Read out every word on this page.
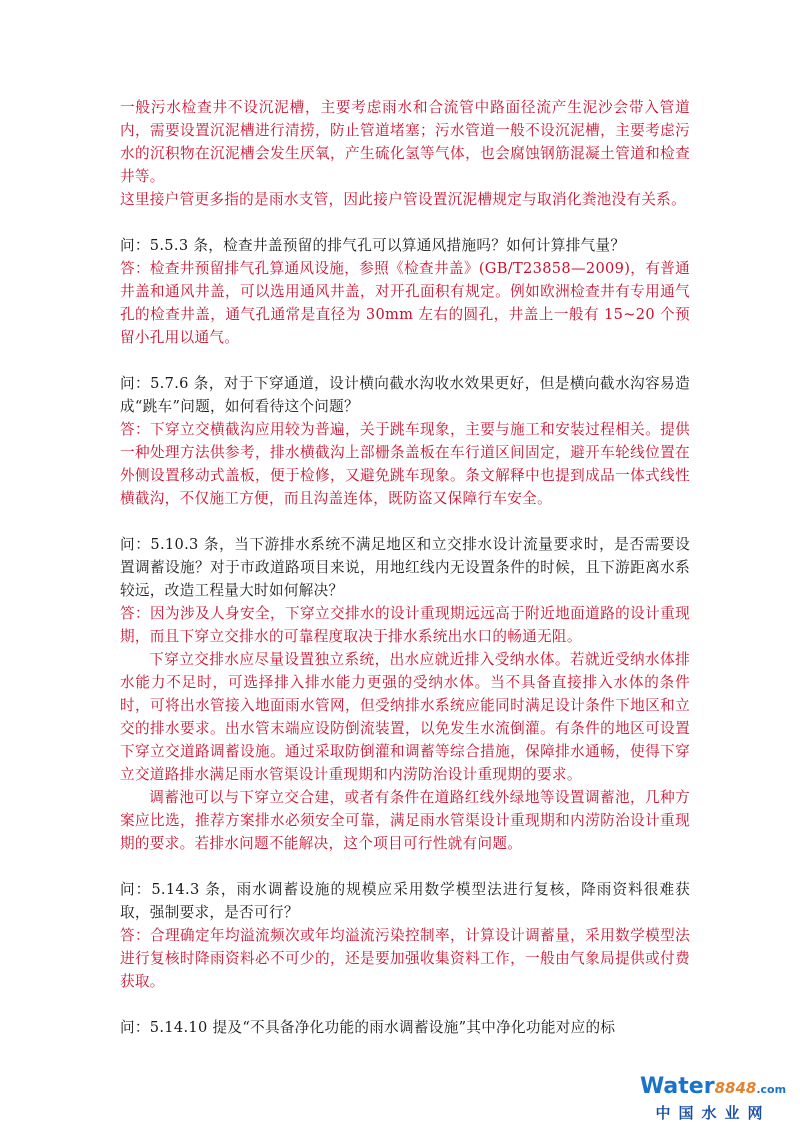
一般污水检查井不设沉泥槽，主要考虑雨水和合流管中路面径流产生泥沙会带入管道内，需要设置沉泥槽进行清捞，防止管道堵塞；污水管道一般不设沉泥槽，主要考虑污水的沉积物在沉泥槽会发生厌氧，产生硫化氢等气体，也会腐蚀钢筋混凝土管道和检查井等。

这里接户管更多指的是雨水支管，因此接户管设置沉泥槽规定与取消化粪池没有关系。

问：5.5.3 条，检查井盖预留的排气孔可以算通风措施吗？如何计算排气量？

答：检查井预留排气孔算通风设施，参照《检查井盖》(GB/T23858—2009)，有普通井盖和通风井盖，可以选用通风井盖，对开孔面积有规定。例如欧洲检查井有专用通气孔的检查井盖，通气孔通常是直径为 30mm 左右的圆孔，井盖上一般有 15~20 个预留小孔用以通气。

问：5.7.6 条，对于下穿通道，设计横向截水沟收水效果更好，但是横向截水沟容易造成“跳车”问题，如何看待这个问题？

答：下穿立交横截沟应用较为普遍，关于跳车现象，主要与施工和安装过程相关。提供一种处理方法供参考，排水横截沟上部栅条盖板在车行道区间固定，避开车轮线位置在外侧设置移动式盖板，便于检修，又避免跳车现象。条文解释中也提到成品一体式线性横截沟，不仅施工方便，而且沟盖连体，既防盗又保障行车安全。

问：5.10.3 条，当下游排水系统不满足地区和立交排水设计流量要求时，是否需要设置调蓄设施？对于市政道路项目来说，用地红线内无设置条件的时候，且下游距离水系较远，改造工程量大时如何解决？

答：因为涉及人身安全，下穿立交排水的设计重现期远远高于附近地面道路的设计重现期，而且下穿立交排水的可靠程度取决于排水系统出水口的畅通无阻。

下穿立交排水应尽量设置独立系统，出水应就近排入受纳水体。若就近受纳水体排水能力不足时，可选择排入排水能力更强的受纳水体。当不具备直接排入水体的条件时，可将出水管接入地面雨水管网，但受纳排水系统应能同时满足设计条件下地区和立交的排水要求。出水管末端应设防倒流装置，以免发生水流倒灌。有条件的地区可设置下穿立交道路调蓄设施。通过采取防倒灌和调蓄等综合措施，保障排水通畅，使得下穿立交道路排水满足雨水管渠设计重现期和内涝防治设计重现期的要求。

调蓄池可以与下穿立交合建，或者有条件在道路红线外绿地等设置调蓄池，几种方案应比选，推荐方案排水必须安全可靠，满足雨水管渠设计重现期和内涝防治设计重现期的要求。若排水问题不能解决，这个项目可行性就有问题。

问：5.14.3 条，雨水调蓄设施的规模应采用数学模型法进行复核，降雨资料很难获取，强制要求，是否可行？

答：合理确定年均溢流频次或年均溢流污染控制率，计算设计调蓄量，采用数学模型法进行复核时降雨资料必不可少的，还是要加强收集资料工作，一般由气象局提供或付费获取。

问：5.14.10 提及“不具备净化功能的雨水调蓄设施”其中净化功能对应的标

Water8848.com
中国水业网
